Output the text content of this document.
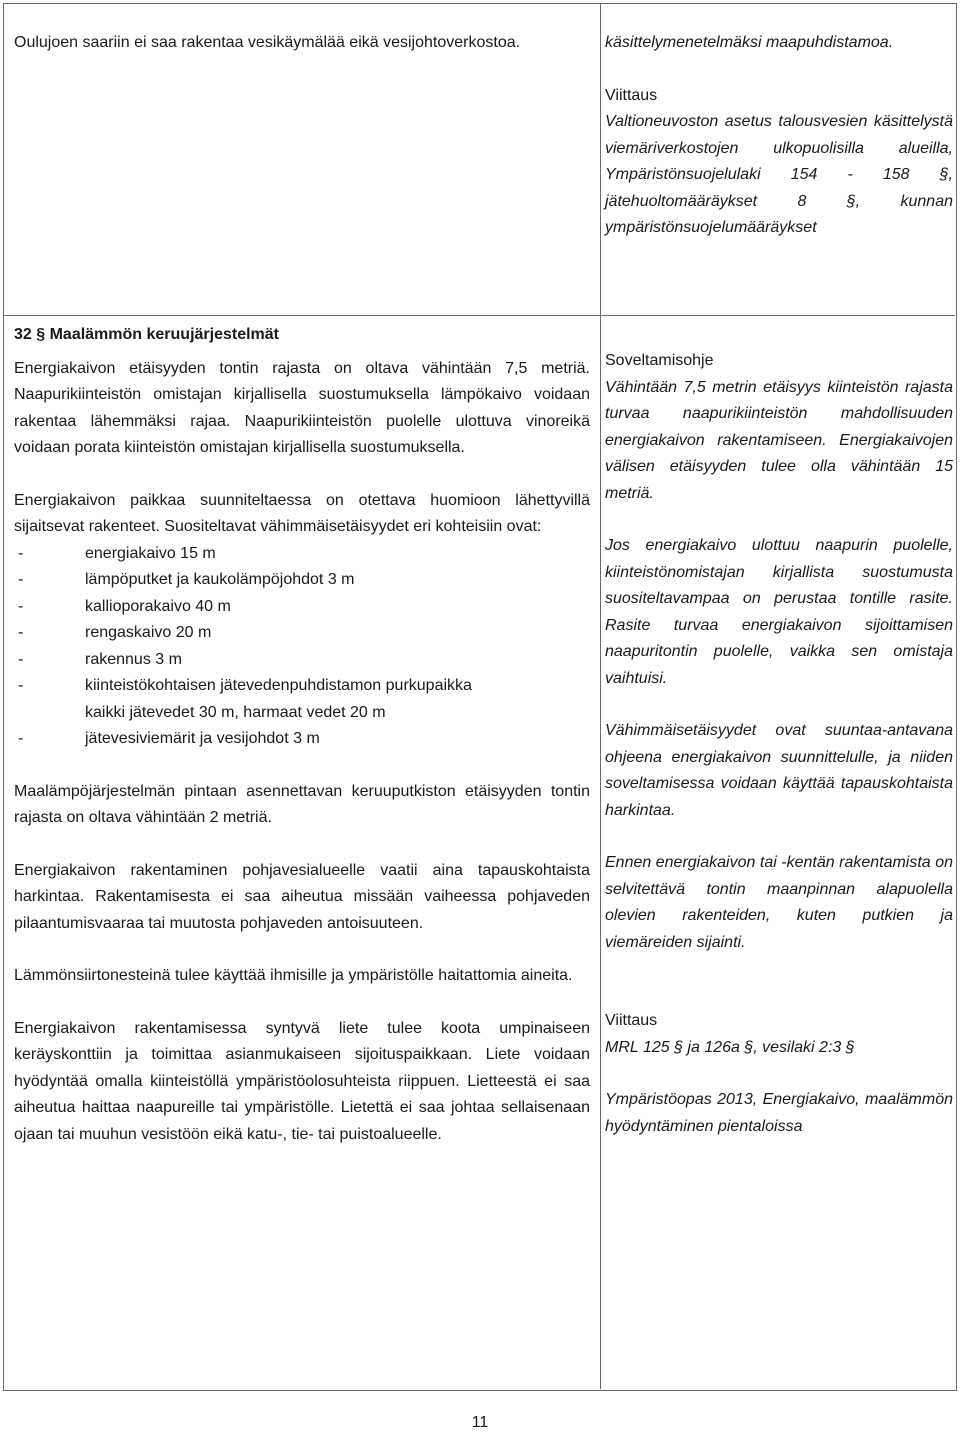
Oulujoen saariin ei saa rakentaa vesikäymälää eikä vesijohtoverkostoa.	käsittelymenetelmäksi maapuhdistamoa.

Viittaus

Valtioneuvoston asetus talousvesien käsittelystä viemäriverkostojen ulkopuolisilla alueilla, Ympäristönsuojelulaki 154 - 158 §, jätehuoltomääräykset 8 §, kunnan ympäristönsuojelumääräykset

32 § Maalämmön keruujärjestelmät

Energiakaivon etäisyyden tontin rajasta on oltava vähintään 7,5 metriä. Naapurikiinteistön omistajan kirjallisella suostumuksella lämpökaivo voidaan rakentaa lähemmäksi rajaa. Naapurikiinteistön puolelle ulottuva vinoreikä voidaan porata kiinteistön omistajan kirjallisella suostumuksella.

Energiakaivon paikkaa suunniteltaessa on otettava huomioon lähettyvillä sijaitsevat rakenteet. Suositeltavat vähimmäisetäisyydet eri kohteisiin ovat:

- energiakaivo 15 m
- lämpöputket ja kaukolämpöjohdot 3 m
- kallioporakaivo 40 m
- rengaskaivo 20 m
- rakennus 3 m
- kiinteistökohtaisen jätevedenpuhdistamon purkupaikka
kaikki jätevedet 30 m, harmaat vedet 20 m
- jätevesiviemärit ja vesijohdot 3 m

Maalämpöjärjestelmän pintaan asennettavan keruuputkiston etäisyyden tontin rajasta on oltava vähintään 2 metriä.

Energiakaivon rakentaminen pohjavesialueelle vaatii aina tapauskohtaista harkintaa. Rakentamisesta ei saa aiheutua missään vaiheessa pohjaveden pilaantumisvaaraa tai muutosta pohjaveden antoisuuteen.

Lämmönsiirtonesteinä tulee käyttää ihmisille ja ympäristölle haitattomia aineita.

Energiakaivon rakentamisessa syntyvä liete tulee koota umpinaiseen keräyskonttiin ja toimittaa asianmukaiseen sijoituspaikkaan. Liete voidaan hyödyntää omalla kiinteistöllä ympäristöolosuhteista riippuen. Lietteestä ei saa aiheutua haittaa naapureille tai ympäristölle. Lietettä ei saa johtaa sellaisenaan ojaan tai muuhun vesistöön eikä katu-, tie- tai puistoalueelle.

Soveltamisohje

Vähintään 7,5 metrin etäisyys kiinteistön rajasta turvaa naapurikiinteistön mahdollisuuden energiakaivon rakentamiseen. Energiakaivojen välisen etäisyyden tulee olla vähintään 15 metriä.

Jos energiakaivo ulottuu naapurin puolelle, kiinteistönomistajan kirjallista suostumusta suositeltavampaa on perustaa tontille rasite. Rasite turvaa energiakaivon sijoittamisen naapuritontin puolelle, vaikka sen omistaja vaihtuisi.

Vähimmäisetäisyydet ovat suuntaa-antavana ohjeena energiakaivon suunnittelulle, ja niiden soveltamisessa voidaan käyttää tapauskohtaista harkintaa.

Ennen energiakaivon tai -kentän rakentamista on selvitettävä tontin maanpinnan alapuolella olevien rakenteiden, kuten putkien ja viemäreiden sijainti.

Viittaus

MRL 125 § ja 126a §, vesilaki 2:3 §

Ympäristöopas 2013, Energiakaivo, maalämmön hyödyntäminen pientaloissa

11
